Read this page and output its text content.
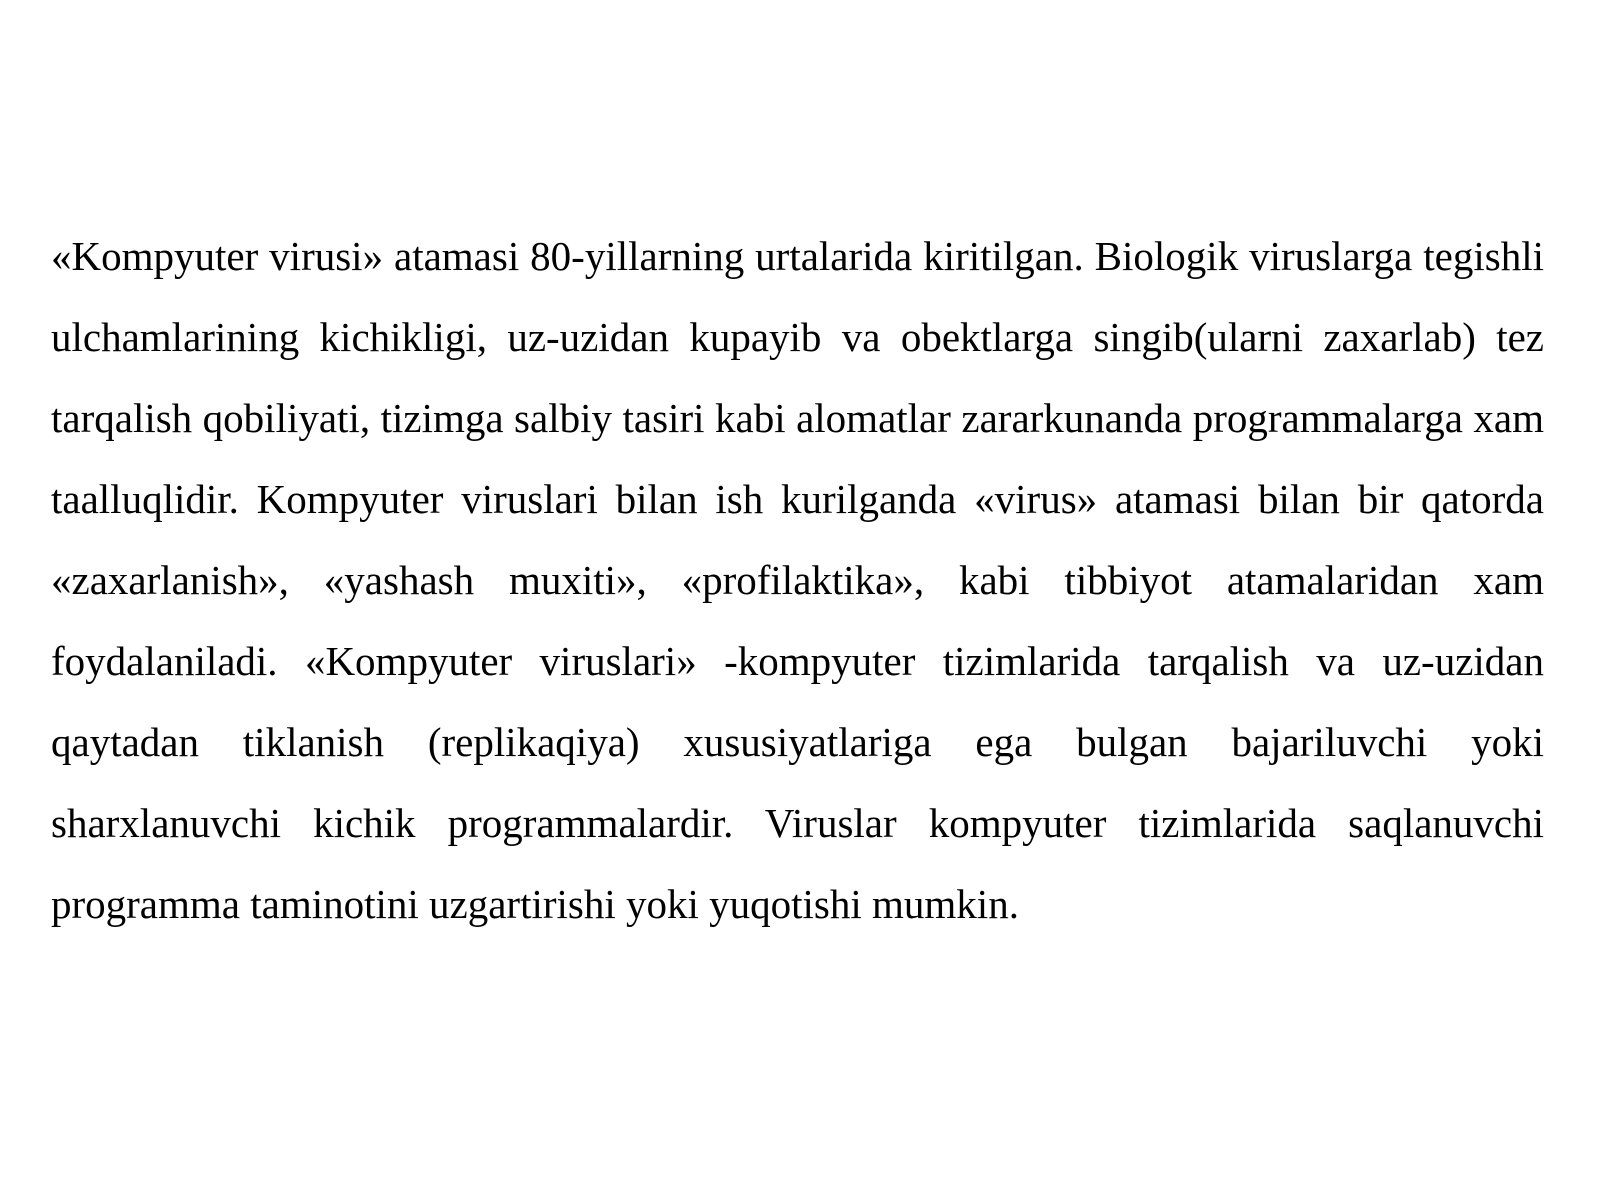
«Kompyuter virusi» atamasi 80-yillarning urtalarida kiritilgan. Biologik viruslarga tegishli ulchamlarining kichikligi, uz-uzidan kupayib va obektlarga singib(ularni zaxarlab) tez tarqalish qobiliyati, tizimga salbiy tasiri kabi alomatlar zararkunanda programmalarga xam taalluqlidir. Kompyuter viruslari bilan ish kurilganda «virus» atamasi bilan bir qatorda «zaxarlanish», «yashash muxiti», «profilaktika», kabi tibbiyot atamalaridan xam foydalaniladi. «Kompyuter viruslari» -kompyuter tizimlarida tarqalish va uz-uzidan qaytadan tiklanish (replikaqiya) xususiyatlariga ega bulgan bajariluvchi yoki sharxlanuvchi kichik programmalardir. Viruslar kompyuter tizimlarida saqlanuvchi programma taminotini uzgartirishi yoki yuqotishi mumkin.
